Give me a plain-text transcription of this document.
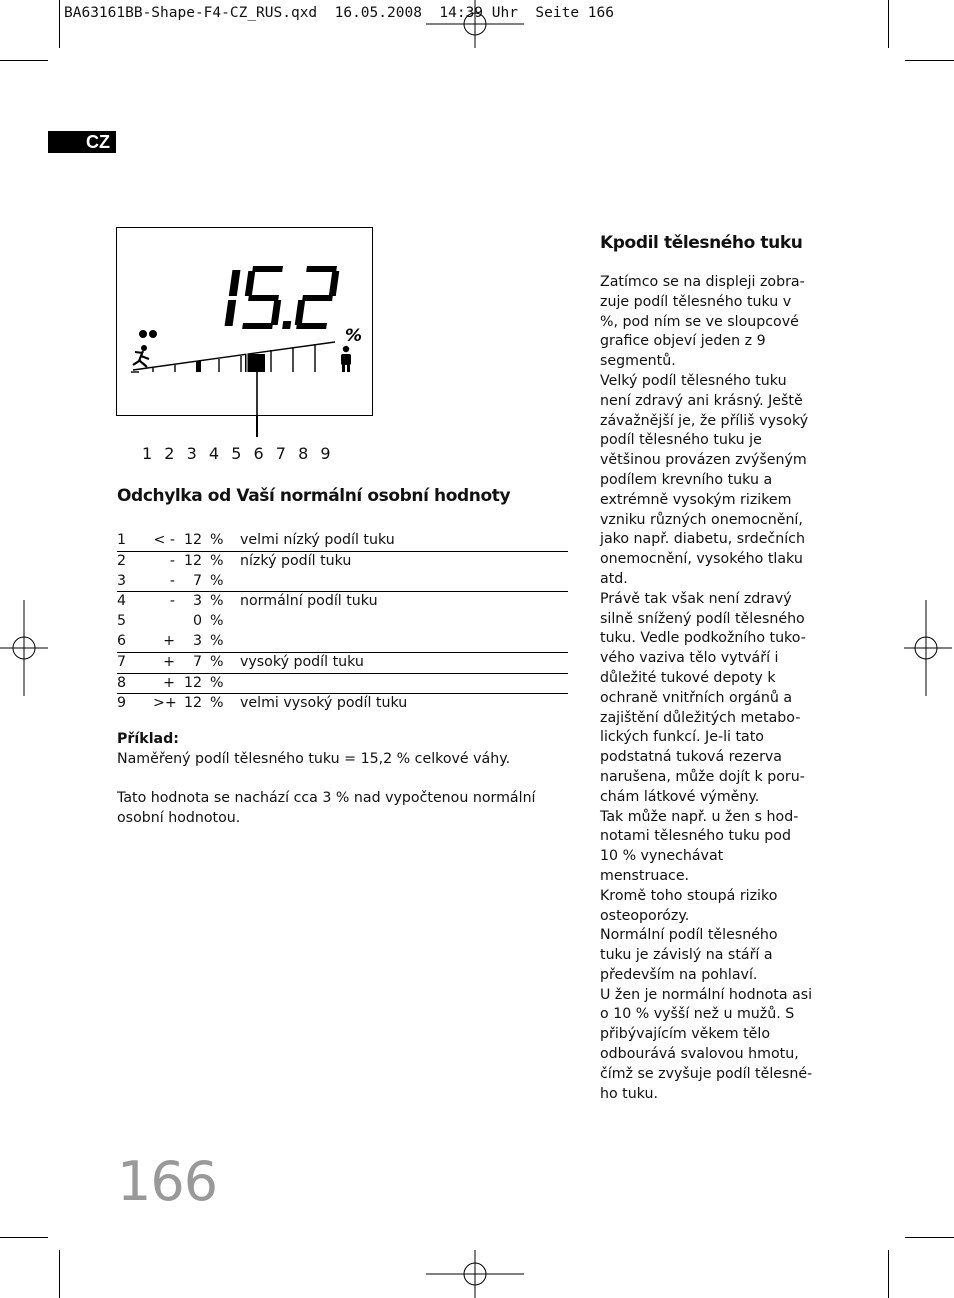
BA63161BB-Shape-F4-CZ_RUS.qxd  16.05.2008  14:39 Uhr  Seite 166
CZ
%
1 2 3 4 5 6 7 8 9
Odchylka od Vaší normální osobní hodnoty
1 < - 12 % velmi nízký podíl tuku
2	- 12 % nízký podíl tuku
3	-	7 %
4	-	3 % normální podíl tuku
5	0 %
6	+	3 %
7	+	7 % vysoký podíl tuku
8	+ 12 %
9 >+ 12 % velmi vysoký podíl tuku
Příklad:
Naměřený podíl tělesného tuku = 15,2 % celkové váhy.
Tato hodnota se nachází cca 3 % nad vypočtenou normální
osobní hodnotou.
Kpodil tělesného tuku

Zatímco se na displeji zobra-

zuje podíl tělesného tuku v

%, pod ním se ve sloupcové

grafice objeví jeden z 9

segmentů.

Velký podíl tělesného tuku

není zdravý ani krásný. Ještě

závažnější je, že příliš vysoký

podíl tělesného tuku je

většinou provázen zvýšeným

podílem krevního tuku a

extrémně vysokým rizikem

vzniku různých onemocnění,

jako např. diabetu, srdečních

onemocnění, vysokého tlaku

atd.

Právě tak však není zdravý

silně snížený podíl tělesného

tuku. Vedle podkožního tuko-

vého vaziva tělo vytváří i

důležité tukové depoty k

ochraně vnitřních orgánů a

zajištění důležitých metabo-

lických funkcí. Je-li tato

podstatná tuková rezerva

narušena, může dojít k poru-

chám látkové výměny.

Tak může např. u žen s hod-

notami tělesného tuku pod

10 % vynechávat menstruace.

Kromě toho stoupá riziko

osteoporózy.

Normální podíl tělesného

tuku je závislý na stáří a

především na pohlaví.

U žen je normální hodnota asi

o 10 % vyšší než u mužů. S

přibývajícím věkem tělo

odbourává svalovou hmotu,

čímž se zvyšuje podíl tělesné-

ho tuku.

166
